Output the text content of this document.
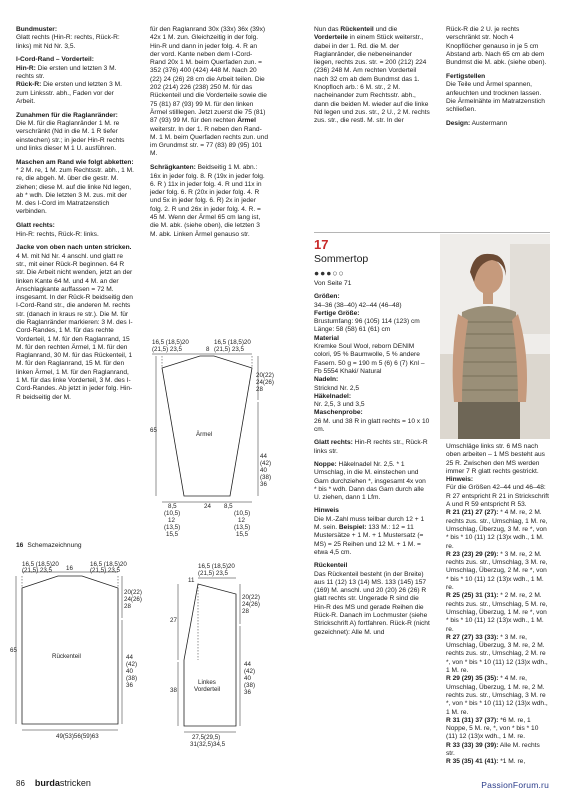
Bundmuster:
Glatt rechts (Hin-R: rechts, Rück-R: links) mit Nd Nr. 3,5.

I-Cord-Rand – Vorderteil:
Hin-R: Die ersten und letzten 3 M. rechts str.
Rück-R: Die ersten und letzten 3 M. zum Linksstr. abh., Faden vor der Arbeit.

Zunahmen für die Raglanränder:
Die M. für die Raglanränder 1 M. re verschränkt (Nd in die M. 1 R tiefer einstechen) str.; in jeder Hin-R rechts und links dieser M 1 U. ausführen.

Maschen am Rand wie folgt abketten:
* 2 M. re, 1 M. zum Rechtsstr. abh., 1 M. re, die abgeh. M. über die gestr. M. ziehen; diese M. auf die linke Nd legen, ab * wdh. Die letzten 3 M. zus. mit der M. des I-Cord im Matratzenstich verbinden.

Glatt rechts:
Hin-R: rechts, Rück-R: links.

Jacke von oben nach unten stricken.
4 M. mit Nd Nr. 4 anschl. und glatt re str., mit einer Rück-R beginnen. 64 R str. Die Arbeit nicht wenden, jetzt an der linken Kante 64 M. und 4 M. an der Anschlagkante auffassen = 72 M. insgesamt. In der Rück-R beidseitig den I-Cord-Rand str., die anderen M. rechts str. (danach in kraus re str.). Die M. für die Raglanränder markieren: 3 M. des I-Cord-Randes, 1 M. für das rechte Vorderteil, 1 M. für den Raglanrand, 15 M. für den rechten Ärmel, 1 M. für den Raglanrand, 30 M. für das Rückenteil, 1 M. für den Raglanrand, 15 M. für den linken Ärmel, 1 M. für den Raglanrand, 1 M. für das linke Vorderteil, 3 M. des I-Cord-Randes. Ab jetzt in jeder folg. Hin-R beidseitig der M.

für den Raglanrand 30x (33x) 36x (39x) 42x 1 M. zun. Gleichzeitig in der folg. Hin-R und dann in jeder folg. 4. R an der vord. Kante neben dem I-Cord-Rand 20x 1 M. beim Querfaden zun. = 352 (376) 400 (424) 448 M. Nach 20 (22) 24 (26) 28 cm die Arbeit teilen. Die 202 (214) 226 (238) 250 M. für das Rückenteil und die Vorderteile sowie die 75 (81) 87 (93) 99 M. für den linken Ärmel stilllegen. Jetzt zuerst die 75 (81) 87 (93) 99 M. für den rechten Ärmel weiterstr. In der 1. R neben den Rand-M. 1 M. beim Querfaden rechts zun. und im Grundmst str. = 77 (83) 89 (95) 101 M.

Schrägkanten: Beidseitig 1 M. abn.: 16x in jeder folg. 8. R (19x in jeder folg. 6. R ) 11x in jeder folg. 4. R und 11x in jeder folg. 6. R (20x in jeder folg. 4. R und 5x in jeder folg. 6. R) 2x in jeder folg. 2. R und 26x in jeder folg. 4. R. = 45 M. Wenn der Ärmel 65 cm lang ist, die M. abk. (siehe oben), die letzten 3 M. abk. Linken Ärmel genauso str.

Nun das Rückenteil und die Vorderteile in einem Stück weiterstr., dabei in der 1. Rd. die M. der Raglanränder, die nebeneinander liegen, rechts zus. str. = 200 (212) 224 (236) 248 M. Am rechten Vorderteil nach 32 cm ab dem Bundmst das 1. Knopfloch arb.: 6 M. str., 2 M. nacheinander zum Rechtsstr. abh., dann die beiden M. wieder auf die linke Nd legen und zus. str., 2 U., 2 M. rechts zus. str., die restl. M. str. In der

Rück-R die 2 U. je rechts verschränkt str. Noch 4 Knopflöcher genauso in je 5 cm Abstand arb. Nach 65 cm ab dem Bundmst die M. abk. (siehe oben).

Fertigstellen
Die Teile und Ärmel spannen, anfeuchten und trocknen lassen. Die Ärmelnähte im Matratzenstich schließen.

Design: Austermann

17
Sommertop
●●●○○

Von Seite 71

Größen:
34–36 (38–40) 42–44 (46–48)

Fertige Größe:
Brustumfang: 96 (105) 114 (123) cm Länge: 58 (58) 61 (61) cm

Material
Kremke Soul Wool, reborn DENIM colori, 95 % Baumwolle, 5 % andere Fasern. 50 g = 190 m 5 (6) 6 (7) Knl – Fb 5554 Khaki/ Natural

Nadeln:
Stricknd Nr. 2,5

Häkelnadel:
Nr. 2,5, 3 und 3,5

Maschenprobe:
26 M. und 38 R in glatt rechts = 10 x 10 cm.

Glatt rechts: Hin-R rechts str., Rück-R links str.

Noppe: Häkelnadel Nr. 2,5. * 1 Umschlag, in die M. einstechen und Garn durchziehen *, insgesamt 4x von * bis * wdh. Dann das Garn durch alle U. ziehen, dann 1 Lfm.

Hinweis
Die M.-Zahl muss teilbar durch 12 + 1 M. sein. Beispiel: 133 M.: 12 = 11 Mustersätze + 1 M. + 1 Mustersatz (= MS) = 25 Reihen und 12 M. + 1 M. = etwa 4,5 cm.

Rückenteil
Das Rückenteil besteht (in der Breite) aus 11 (12) 13 (14) MS. 133 (145) 157 (169) M. anschl. und 20 (20) 26 (26) R glatt rechts str. Ungerade R sind die Hin-R des MS und gerade Reihen die Rück-R. Danach im Lochmuster (siehe Strickschrift A) fortfahren. Rück-R (nicht gezeichnet): Alle M. und

Umschläge links str. 6 MS nach oben arbeiten – 1 MS besteht aus 25 R. Zwischen den MS werden immer 7 R glatt rechts gestrickt.

Hinweis:
Für die Größen 42–44 und 46–48: R 27 entspricht R 21 in Strickschrift A und R 59 entspricht R 53.

R 21 (21) 27 (27): * 4 M. re, 2 M. rechts zus. str., Umschlag, 1 M. re, Umschlag, Überzug, 3 M. re *, von * bis * 10 (11) 12 (13)x wdh., 1 M. re.

R 23 (23) 29 (29): * 3 M. re, 2 M. rechts zus. str., Umschlag, 3 M. re, Umschlag, Überzug, 2 M. re *, von * bis * 10 (11) 12 (13)x wdh., 1 M. re.

R 25 (25) 31 (31): * 2 M. re, 2 M. rechts zus. str., Umschlag, 5 M. re, Umschlag, Überzug, 1 M. re *, von * bis * 10 (11) 12 (13)x wdh., 1 M. re.

R 27 (27) 33 (33): * 3 M. re, Umschlag, Überzug, 3 M. re, 2 M. rechts zus. str., Umschlag, 2 M. re *, von * bis * 10 (11) 12 (13)x wdh., 1 M. re.

R 29 (29) 35 (35): * 4 M. re, Umschlag, Überzug, 1 M. re, 2 M. rechts zus. str., Umschlag, 3 M. re *, von * bis * 10 (11) 12 (13)x wdh., 1 M. re.

R 31 (31) 37 (37): *6 M. re, 1 Noppe, 5 M. re, *, von * bis * 10 (11) 12 (13)x wdh., 1 M. re.

R 33 (33) 39 (39): Alle M. rechts str.

R 35 (35) 41 (41): *1 M. re,

16 Schemazeichnung
16,5 (18,5)20
(21,5) 23,5 16
16,5 (18,5)20
(21,5) 23,5
20(22)
24(26)
28
65
44
(42)
40
(38)
36
Rückenteil
49(53)56(59)63
16,5 (18,5)20
(21,5) 23,5	8
16,5 (18,5)20
(21,5) 23,5
20(22)
24(26)
28
65
44
(42)
40
(38)
36
Ärmel
8,5
(10,5)
12
(13,5)
15,5
24 8,5
(10,5)
12
(13,5)
15,5
16,5 (18,5)20
(21,5) 23,5
11
20(22)
24(26)
28
27
38
Linkes
Vorderteil
44
(42)
40
(38)
36
27,5(29,5)
31(32,5)34,5
86 burdastricken	PassionForum.ru
